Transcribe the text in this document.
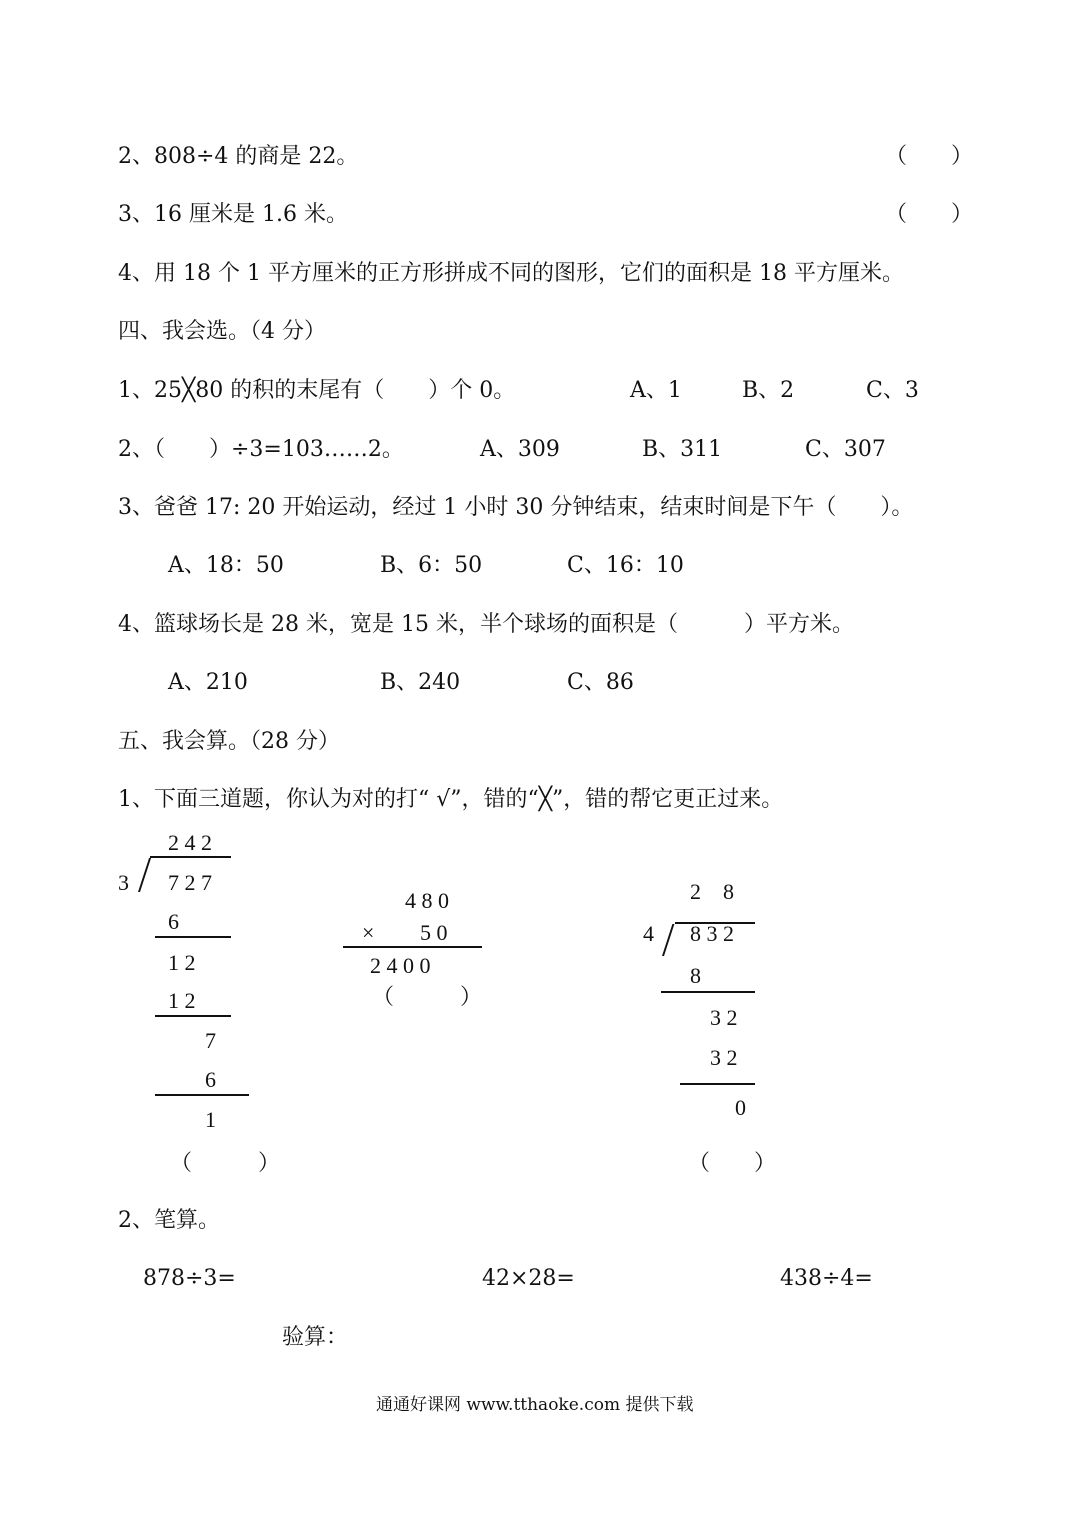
2、808÷4 的商是 22。	（　　）
3、16 厘米是 1.6 米。	（　　）
4、用 18 个 1 平方厘米的正方形拼成不同的图形，它们的面积是 18 平方厘米。
四、我会选。（4 分）
1、25╳80 的积的末尾有（　　）个 0。	A、1	B、2	C、3
2、（　　）÷3=103……2。	A、309	B、311	C、307
3、爸爸 17: 20 开始运动，经过 1 小时 30 分钟结束，结束时间是下午（　　）。
A、18：50	B、6：50	C、16：10
4、篮球场长是 28 米，宽是 15 米，半个球场的面积是（　　　）平方米。
A、210	B、240	C、86
五、我会算。（28 分）
1、下面三道题，你认为对的打“ √”，错的“╳”，错的帮它更正过来。
2 4 2
3 7 2 7
6
1 2
1 2
7
6
1
（　　　）
4 8 0
× 5 0
2 4 0 0
（　　　）
2　8
4 8 3 2
8
3 2
3 2
0
（　　）
2、笔算。
878÷3=	42×28=	438÷4=
验算：
通通好课网 www.tthaoke.com 提供下载
